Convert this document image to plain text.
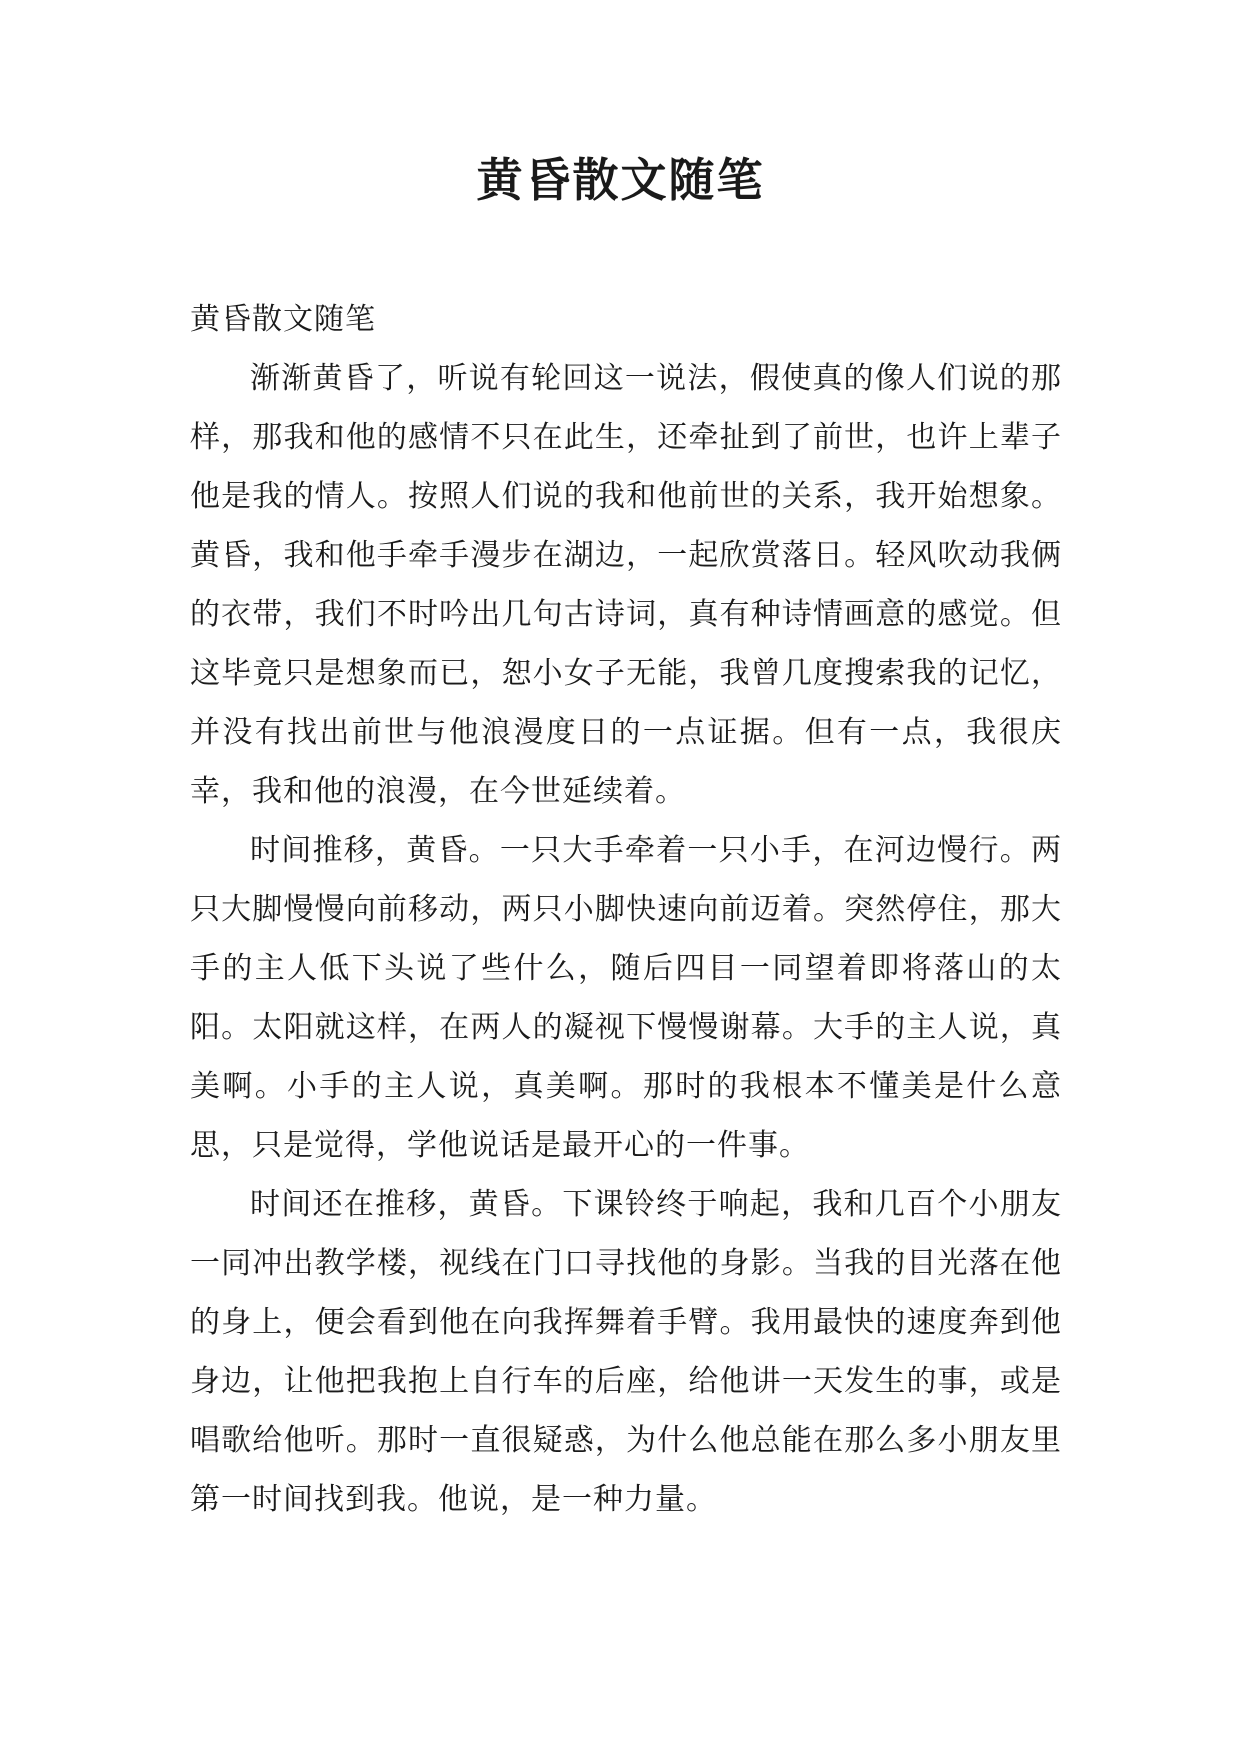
黄昏散文随笔

黄昏散文随笔

渐渐黄昏了，听说有轮回这一说法，假使真的像人们说的那样，那我和他的感情不只在此生，还牵扯到了前世，也许上辈子他是我的情人。按照人们说的我和他前世的关系，我开始想象。黄昏，我和他手牵手漫步在湖边，一起欣赏落日。轻风吹动我俩的衣带，我们不时吟出几句古诗词，真有种诗情画意的感觉。但这毕竟只是想象而已，恕小女子无能，我曾几度搜索我的记忆，并没有找出前世与他浪漫度日的一点证据。但有一点，我很庆幸，我和他的浪漫，在今世延续着。

时间推移，黄昏。一只大手牵着一只小手，在河边慢行。两只大脚慢慢向前移动，两只小脚快速向前迈着。突然停住，那大手的主人低下头说了些什么，随后四目一同望着即将落山的太阳。太阳就这样，在两人的凝视下慢慢谢幕。大手的主人说，真美啊。小手的主人说，真美啊。那时的我根本不懂美是什么意思，只是觉得，学他说话是最开心的一件事。

时间还在推移，黄昏。下课铃终于响起，我和几百个小朋友一同冲出教学楼，视线在门口寻找他的身影。当我的目光落在他的身上，便会看到他在向我挥舞着手臂。我用最快的速度奔到他身边，让他把我抱上自行车的后座，给他讲一天发生的事，或是唱歌给他听。那时一直很疑惑，为什么他总能在那么多小朋友里第一时间找到我。他说，是一种力量。
